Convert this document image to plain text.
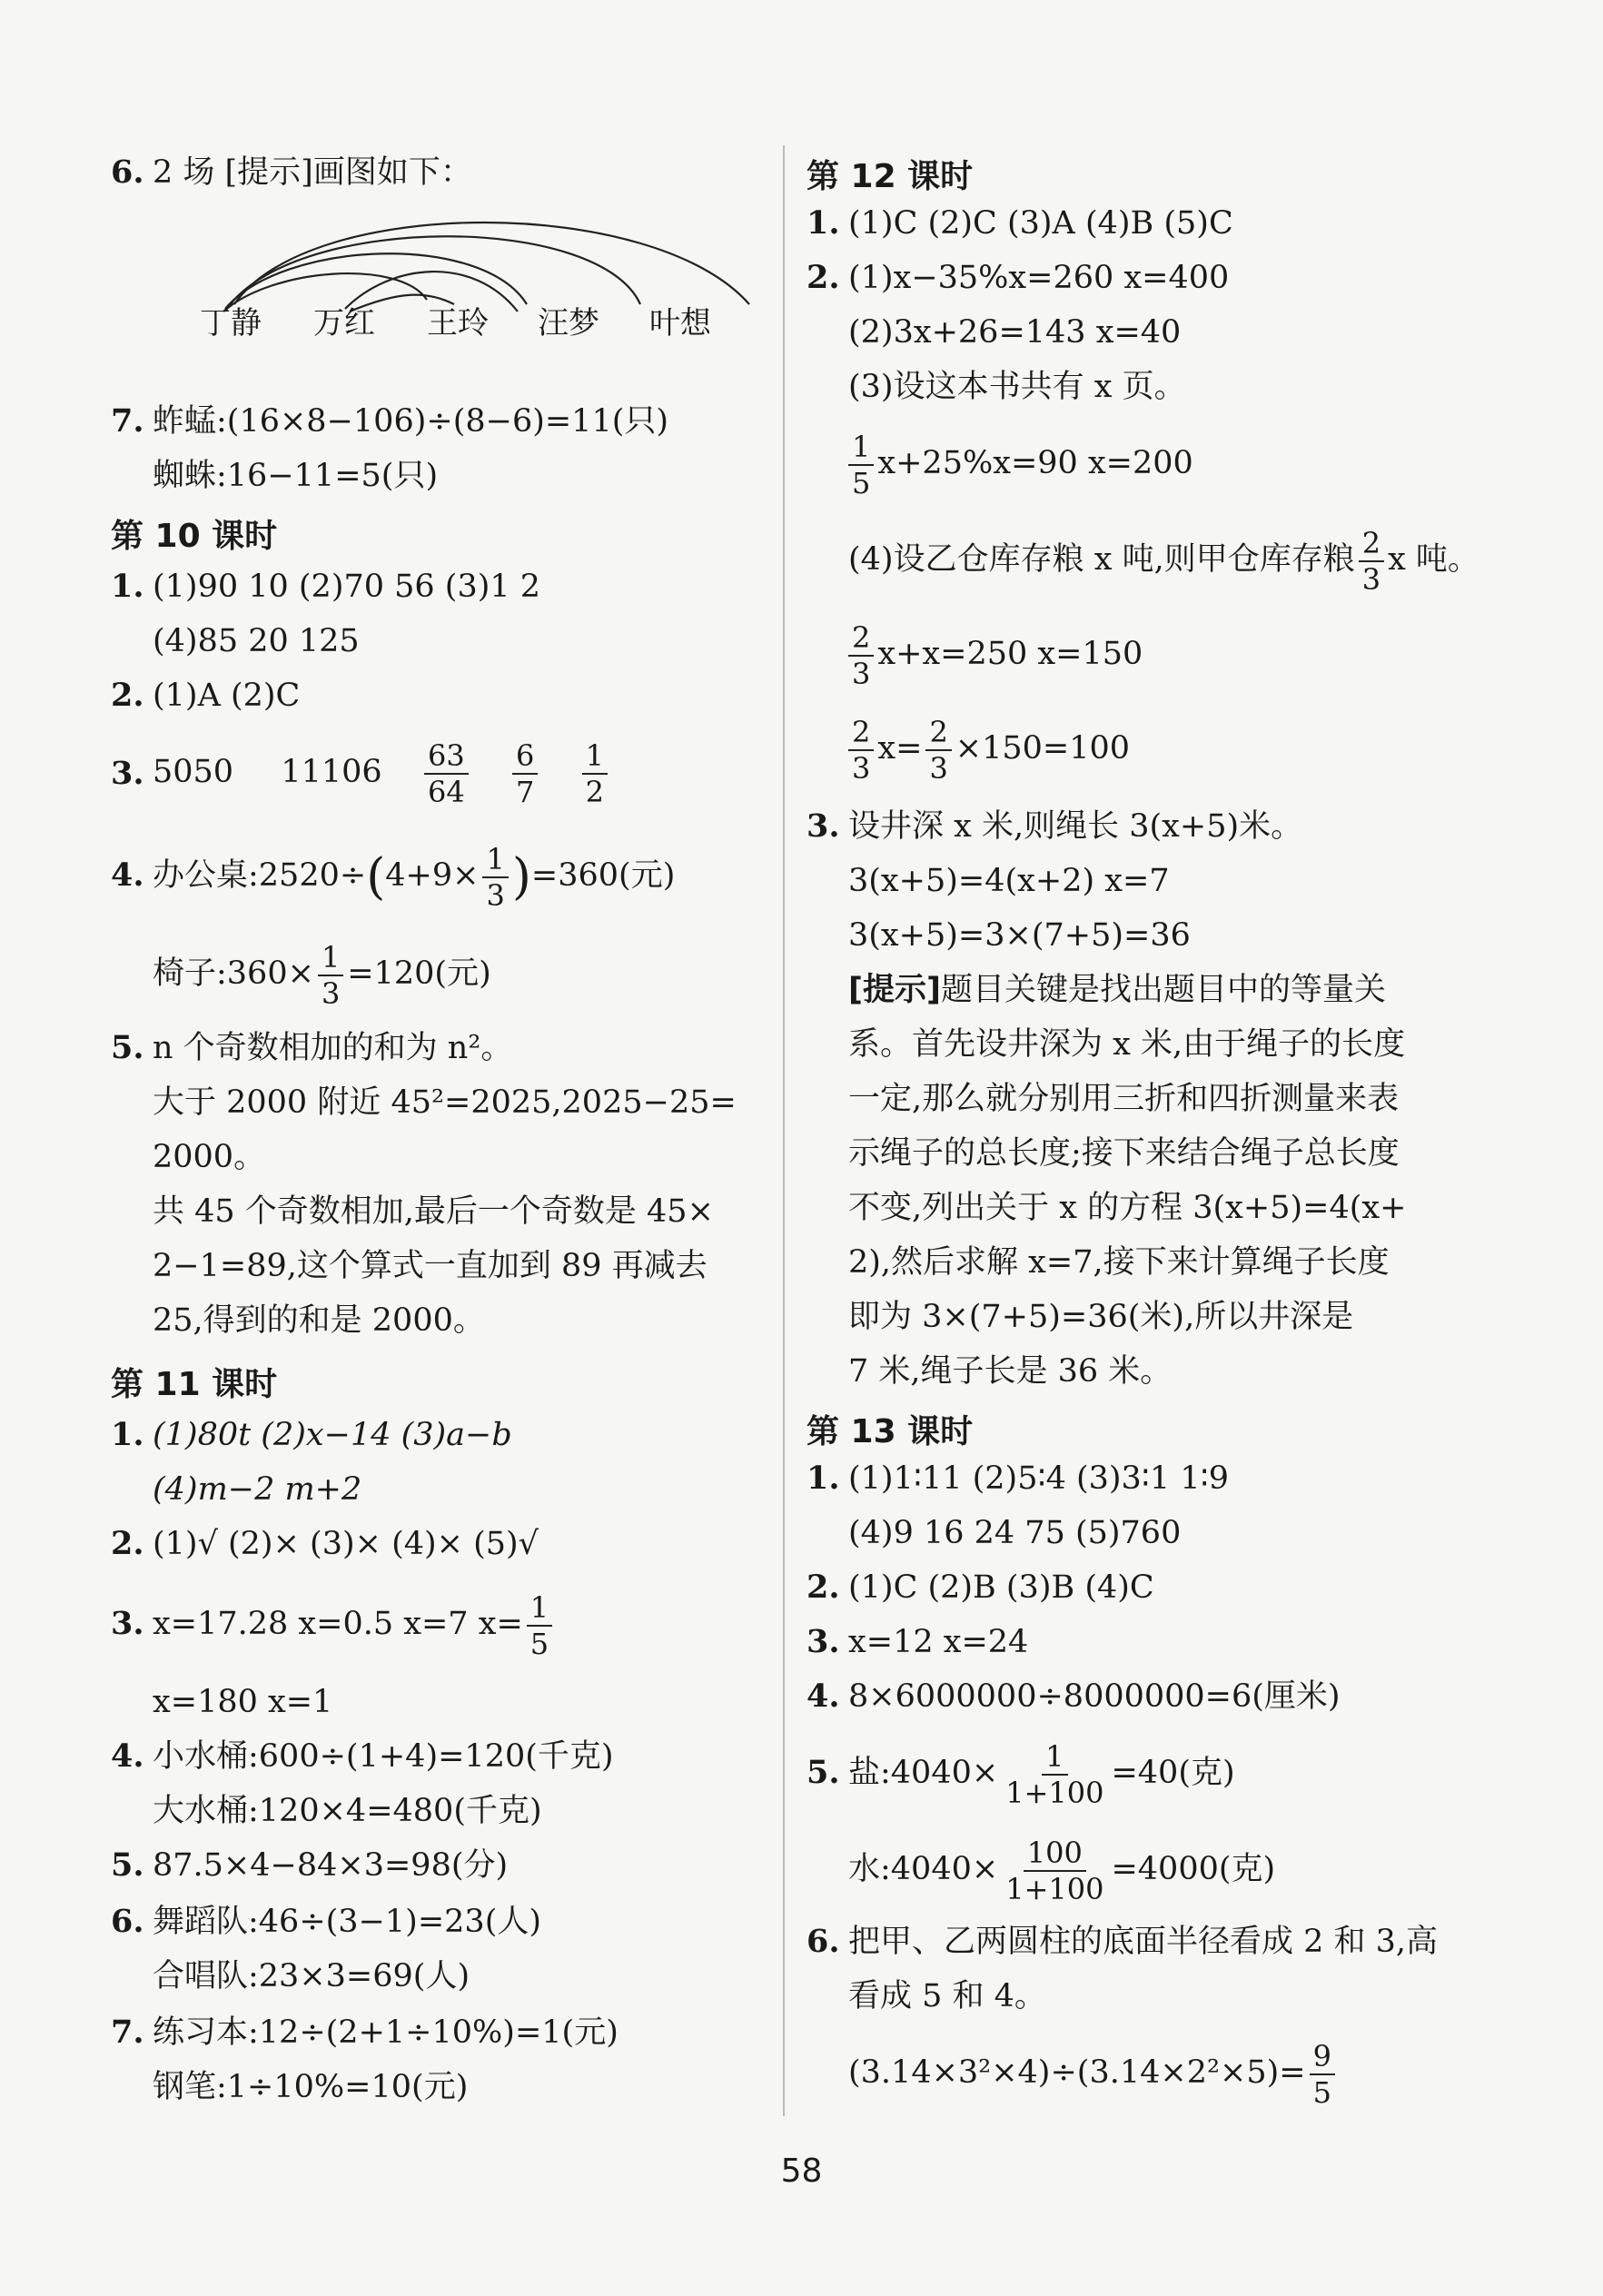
6. 2 场 [提示]画图如下：
丁静 万红 王玲 汪梦 叶想
7. 蚱蜢:(16×8−106)÷(8−6)=11(只)
蜘蛛:16−11=5(只)
第 10 课时
1. (1)90 10 (2)70 56 (3)1 2
(4)85 20 125
2. (1)A (2)C
3. 5050 $11106 \frac{63}{64}$
$\frac{6}{7}$
$\frac{1}{2}$
4. 办公桌:2520÷(4+9× $\frac{1}{3} )=360$(元)
椅子:360× $\frac{1}{3} =120$(元)
5. n 个奇数相加的和为 n²。
大于 2000 附近 45²=2025,2025−25=
2000。
共 45 个奇数相加,最后一个奇数是 45×
2−1=89,这个算式一直加到 89 再减去
25,得到的和是 2000。
第 11 课时
1. (1)80t (2)x−14 (3)a−b
(4)m−2 m+2
2. (1)√ (2)× (3)× (4)× (5)√
3. x=17.28 x=0.5 x=7 $x= \frac{1}{5}$
x=180 x=1
4. 小水桶:600÷(1+4)=120(千克)
大水桶:120×4=480(千克)
5. 87.5×4−84×3=98(分)
6. 舞蹈队:46÷(3−1)=23(人)
合唱队:23×3=69(人)
7. 练习本:12÷(2+1÷10%)=1(元)
钢笔:1÷10%=10(元)
第 12 课时
1. (1)C (2)C (3)A (4)B (5)C
2. (1)x−35%x=260 x=400
(2)3x+26=143 x=40
(3)设这本书共有 x 页。
$\frac{1}{5} x+25\%x=90$ x=200
(4)设乙仓库存粮 x 吨,则甲仓库存粮 $\frac{2}{3}$ x 吨。
$\frac{2}{3} x+x=250$ x=150
$\frac{2}{3} x= \frac{2}{3} \times 150=100$
3. 设井深 x 米,则绳长 3(x+5)米。
3(x+5)=4(x+2) x=7
3(x+5)=3×(7+5)=36
[提示]题目关键是找出题目中的等量关
系。首先设井深为 x 米,由于绳子的长度
一定,那么就分别用三折和四折测量来表
示绳子的总长度;接下来结合绳子总长度
不变,列出关于 x 的方程 3(x+5)=4(x+
2),然后求解 x=7,接下来计算绳子长度
即为 3×(7+5)=36(米),所以井深是
7 米,绳子长是 36 米。
第 13 课时
1. (1)1∶11 (2)5∶4 (3)3∶1 1∶9
(4)9 16 24 75 (5)760
2. (1)C (2)B (3)B (4)C
3. x=12 x=24
4. 8×6000000÷8000000=6(厘米)
5. 盐:4040× $\frac{1}{1+100} =40$(克)
水:4040× $\frac{100}{1+100} =4000$(克)
6. 把甲、乙两圆柱的底面半径看成 2 和 3,高
看成 5 和 4。
$(3.14\times 3^2\times 4)\div(3.14\times 2^2\times 5)= \frac{9}{5}$
58
